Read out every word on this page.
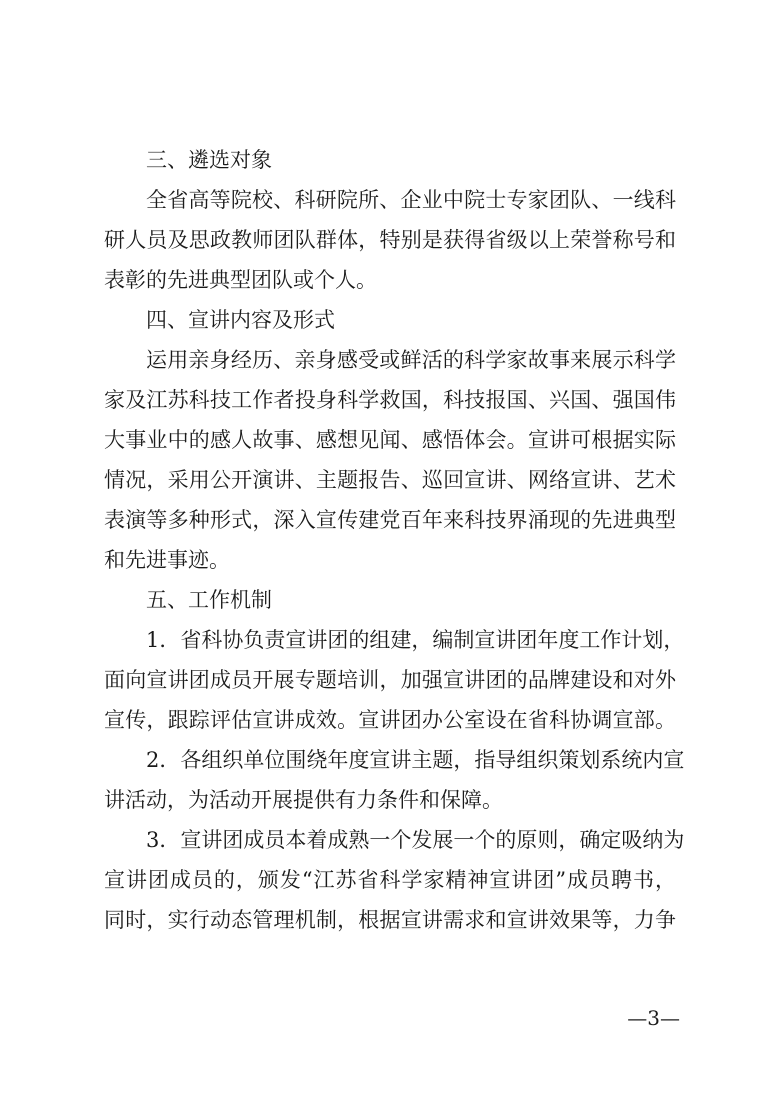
三、遴选对象
全省高等院校、科研院所、企业中院士专家团队、一线科
研人员及思政教师团队群体，特别是获得省级以上荣誉称号和
表彰的先进典型团队或个人。
四、宣讲内容及形式
运用亲身经历、亲身感受或鲜活的科学家故事来展示科学
家及江苏科技工作者投身科学救国，科技报国、兴国、强国伟
大事业中的感人故事、感想见闻、感悟体会。宣讲可根据实际
情况，采用公开演讲、主题报告、巡回宣讲、网络宣讲、艺术
表演等多种形式，深入宣传建党百年来科技界涌现的先进典型
和先进事迹。
五、工作机制
1．省科协负责宣讲团的组建，编制宣讲团年度工作计划，
面向宣讲团成员开展专题培训，加强宣讲团的品牌建设和对外
宣传，跟踪评估宣讲成效。宣讲团办公室设在省科协调宣部。
2．各组织单位围绕年度宣讲主题，指导组织策划系统内宣
讲活动，为活动开展提供有力条件和保障。
3．宣讲团成员本着成熟一个发展一个的原则，确定吸纳为
宣讲团成员的，颁发“江苏省科学家精神宣讲团”成员聘书，
同时，实行动态管理机制，根据宣讲需求和宣讲效果等，力争
—3—
